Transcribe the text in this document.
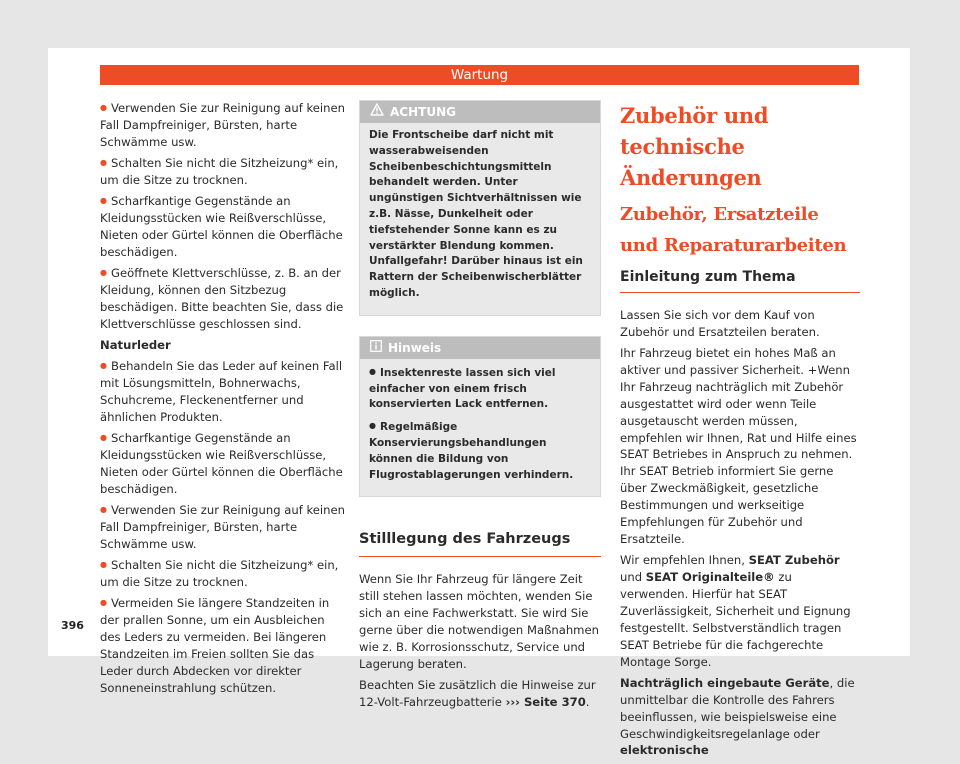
Wartung

● Verwenden Sie zur Reinigung auf keinen Fall Dampfreiniger, Bürsten, harte Schwämme usw.

● Schalten Sie nicht die Sitzheizung* ein, um die Sitze zu trocknen.

● Scharfkantige Gegenstände an Kleidungsstücken wie Reißverschlüsse, Nieten oder Gürtel können die Oberfläche beschädigen.

● Geöffnete Klettverschlüsse, z. B. an der Kleidung, können den Sitzbezug beschädigen. Bitte beachten Sie, dass die Klettverschlüsse geschlossen sind.

Naturleder

● Behandeln Sie das Leder auf keinen Fall mit Lösungsmitteln, Bohnerwachs, Schuhcreme, Fleckenentferner und ähnlichen Produkten.

● Scharfkantige Gegenstände an Kleidungsstücken wie Reißverschlüsse, Nieten oder Gürtel können die Oberfläche beschädigen.

● Verwenden Sie zur Reinigung auf keinen Fall Dampfreiniger, Bürsten, harte Schwämme usw.

● Schalten Sie nicht die Sitzheizung* ein, um die Sitze zu trocknen.

● Vermeiden Sie längere Standzeiten in der prallen Sonne, um ein Ausbleichen des Leders zu vermeiden. Bei längeren Standzeiten im Freien sollten Sie das Leder durch Abdecken vor direkter Sonneneinstrahlung schützen.

ACHTUNG

Die Frontscheibe darf nicht mit wasserabweisenden Scheibenbeschichtungsmitteln behandelt werden. Unter ungünstigen Sichtverhältnissen wie z.B. Nässe, Dunkelheit oder tiefstehender Sonne kann es zu verstärkter Blendung kommen. Unfallgefahr! Darüber hinaus ist ein Rattern der Scheibenwischerblätter möglich.

Hinweis

● Insektenreste lassen sich viel einfacher von einem frisch konservierten Lack entfernen.

● Regelmäßige Konservierungsbehandlungen können die Bildung von Flugrostablagerungen verhindern.

Stilllegung des Fahrzeugs

Wenn Sie Ihr Fahrzeug für längere Zeit still stehen lassen möchten, wenden Sie sich an eine Fachwerkstatt. Sie wird Sie gerne über die notwendigen Maßnahmen wie z. B. Korrosionsschutz, Service und Lagerung beraten.

Beachten Sie zusätzlich die Hinweise zur 12-Volt-Fahrzeugbatterie ››› Seite 370.

Zubehör und technische Änderungen
Zubehör, Ersatzteile und Reparaturarbeiten
Einleitung zum Thema

Lassen Sie sich vor dem Kauf von Zubehör und Ersatzteilen beraten.

Ihr Fahrzeug bietet ein hohes Maß an aktiver und passiver Sicherheit. +Wenn Ihr Fahrzeug nachträglich mit Zubehör ausgestattet wird oder wenn Teile ausgetauscht werden müssen, empfehlen wir Ihnen, Rat und Hilfe eines SEAT Betriebes in Anspruch zu nehmen. Ihr SEAT Betrieb informiert Sie gerne über Zweckmäßigkeit, gesetzliche Bestimmungen und werkseitige Empfehlungen für Zubehör und Ersatzteile.

Wir empfehlen Ihnen, SEAT Zubehör und SEAT Originalteile® zu verwenden. Hierfür hat SEAT Zuverlässigkeit, Sicherheit und Eignung festgestellt. Selbstverständlich tragen SEAT Betriebe für die fachgerechte Montage Sorge.

Nachträglich eingebaute Geräte, die unmittelbar die Kontrolle des Fahrers beeinflussen, wie beispielsweise eine Geschwindigkeitsregelanlage oder elektronische

396
